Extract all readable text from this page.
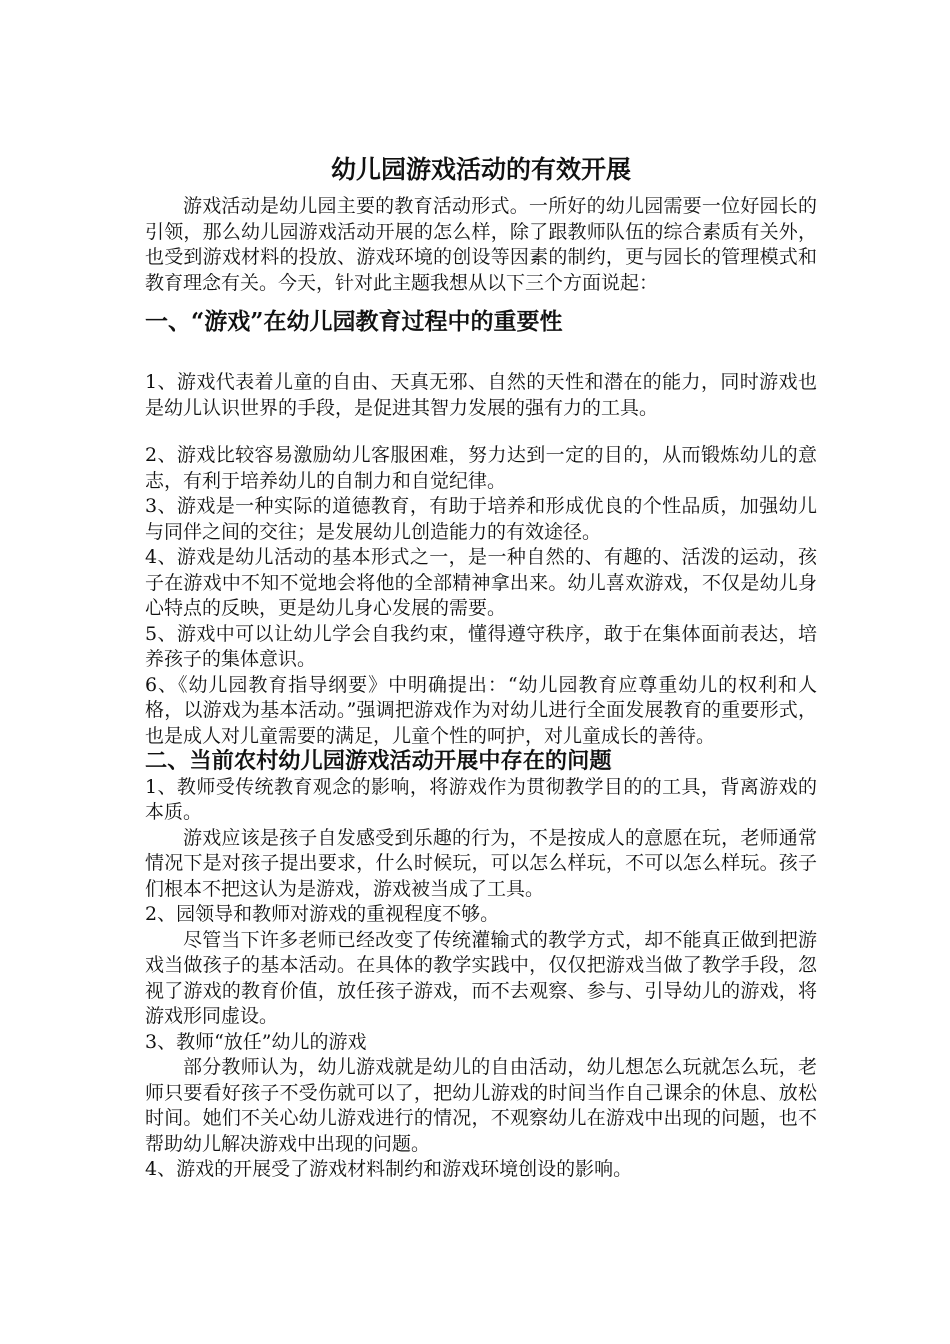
幼儿园游戏活动的有效开展

游戏活动是幼儿园主要的教育活动形式。一所好的幼儿园需要一位好园长的引领，那么幼儿园游戏活动开展的怎么样，除了跟教师队伍的综合素质有关外，也受到游戏材料的投放、游戏环境的创设等因素的制约，更与园长的管理模式和教育理念有关。今天，针对此主题我想从以下三个方面说起：

一、“游戏”在幼儿园教育过程中的重要性

1、游戏代表着儿童的自由、天真无邪、自然的天性和潜在的能力，同时游戏也是幼儿认识世界的手段，是促进其智力发展的强有力的工具。

2、游戏比较容易激励幼儿客服困难，努力达到一定的目的，从而锻炼幼儿的意志，有利于培养幼儿的自制力和自觉纪律。

3、游戏是一种实际的道德教育，有助于培养和形成优良的个性品质，加强幼儿与同伴之间的交往；是发展幼儿创造能力的有效途径。

4、游戏是幼儿活动的基本形式之一，是一种自然的、有趣的、活泼的运动，孩子在游戏中不知不觉地会将他的全部精神拿出来。幼儿喜欢游戏，不仅是幼儿身心特点的反映，更是幼儿身心发展的需要。

5、游戏中可以让幼儿学会自我约束，懂得遵守秩序，敢于在集体面前表达，培养孩子的集体意识。

6、《幼儿园教育指导纲要》中明确提出：“幼儿园教育应尊重幼儿的权利和人格，以游戏为基本活动。”强调把游戏作为对幼儿进行全面发展教育的重要形式，也是成人对儿童需要的满足，儿童个性的呵护，对儿童成长的善待。

二、当前农村幼儿园游戏活动开展中存在的问题

1、教师受传统教育观念的影响，将游戏作为贯彻教学目的的工具，背离游戏的本质。

游戏应该是孩子自发感受到乐趣的行为，不是按成人的意愿在玩，老师通常情况下是对孩子提出要求，什么时候玩，可以怎么样玩，不可以怎么样玩。孩子们根本不把这认为是游戏，游戏被当成了工具。

2、园领导和教师对游戏的重视程度不够。

尽管当下许多老师已经改变了传统灌输式的教学方式，却不能真正做到把游戏当做孩子的基本活动。在具体的教学实践中，仅仅把游戏当做了教学手段，忽视了游戏的教育价值，放任孩子游戏，而不去观察、参与、引导幼儿的游戏，将游戏形同虚设。

3、教师“放任”幼儿的游戏

部分教师认为，幼儿游戏就是幼儿的自由活动，幼儿想怎么玩就怎么玩，老师只要看好孩子不受伤就可以了，把幼儿游戏的时间当作自己课余的休息、放松时间。她们不关心幼儿游戏进行的情况，不观察幼儿在游戏中出现的问题，也不帮助幼儿解决游戏中出现的问题。

4、游戏的开展受了游戏材料制约和游戏环境创设的影响。
